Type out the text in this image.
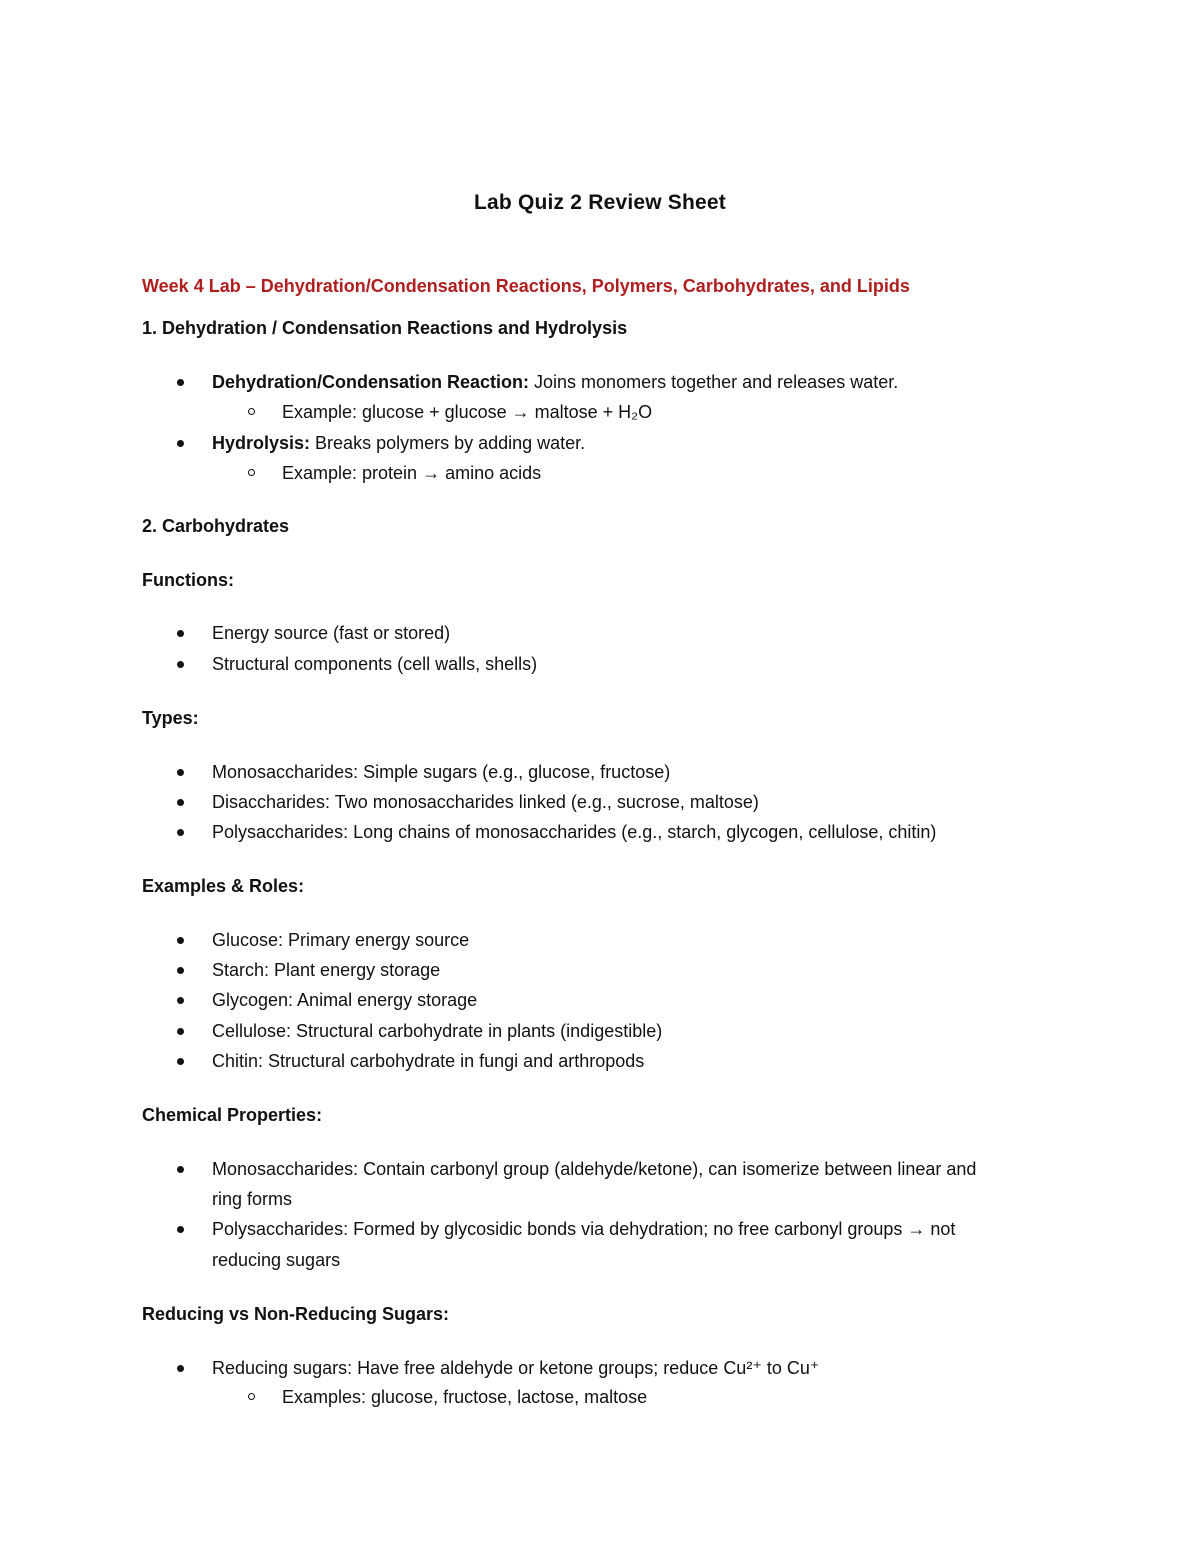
Lab Quiz 2 Review Sheet
Week 4 Lab – Dehydration/Condensation Reactions, Polymers, Carbohydrates, and Lipids
1. Dehydration / Condensation Reactions and Hydrolysis
Dehydration/Condensation Reaction: Joins monomers together and releases water.
Example: glucose + glucose → maltose + H₂O
Hydrolysis: Breaks polymers by adding water.
Example: protein → amino acids
2. Carbohydrates
Functions:
Energy source (fast or stored)
Structural components (cell walls, shells)
Types:
Monosaccharides: Simple sugars (e.g., glucose, fructose)
Disaccharides: Two monosaccharides linked (e.g., sucrose, maltose)
Polysaccharides: Long chains of monosaccharides (e.g., starch, glycogen, cellulose, chitin)
Examples & Roles:
Glucose: Primary energy source
Starch: Plant energy storage
Glycogen: Animal energy storage
Cellulose: Structural carbohydrate in plants (indigestible)
Chitin: Structural carbohydrate in fungi and arthropods
Chemical Properties:
Monosaccharides: Contain carbonyl group (aldehyde/ketone), can isomerize between linear and
ring forms
Polysaccharides: Formed by glycosidic bonds via dehydration; no free carbonyl groups → not
reducing sugars
Reducing vs Non-Reducing Sugars:
Reducing sugars: Have free aldehyde or ketone groups; reduce Cu²⁺ to Cu⁺
Examples: glucose, fructose, lactose, maltose
